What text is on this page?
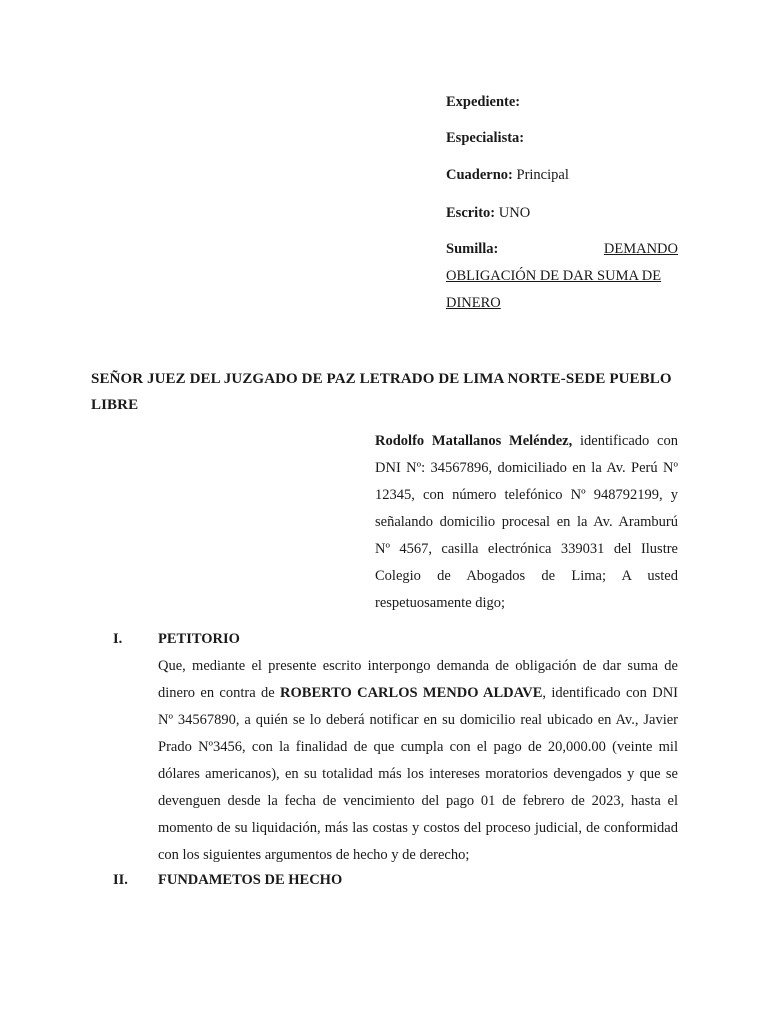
Expediente:
Especialista:
Cuaderno: Principal
Escrito: UNO
Sumilla:	DEMANDO
OBLIGACIÓN DE DAR SUMA DE
DINERO
SEÑOR JUEZ DEL JUZGADO DE PAZ LETRADO DE LIMA NORTE-SEDE PUEBLO LIBRE
Rodolfo Matallanos Meléndez, identificado con DNI Nº: 34567896, domiciliado en la Av. Perú Nº 12345, con número telefónico Nº 948792199, y señalando domicilio procesal en la Av. Aramburú Nº 4567, casilla electrónica 339031 del Ilustre Colegio de Abogados de Lima; A usted respetuosamente digo;
I. PETITORIO
Que, mediante el presente escrito interpongo demanda de obligación de dar suma de dinero en contra de ROBERTO CARLOS MENDO ALDAVE, identificado con DNI Nº 34567890, a quién se lo deberá notificar en su domicilio real ubicado en Av., Javier Prado Nº3456, con la finalidad de que cumpla con el pago de 20,000.00 (veinte mil dólares americanos), en su totalidad más los intereses moratorios devengados y que se devenguen desde la fecha de vencimiento del pago 01 de febrero de 2023, hasta el momento de su liquidación, más las costas y costos del proceso judicial, de conformidad con los siguientes argumentos de hecho y de derecho;
II. FUNDAMETOS DE HECHO
